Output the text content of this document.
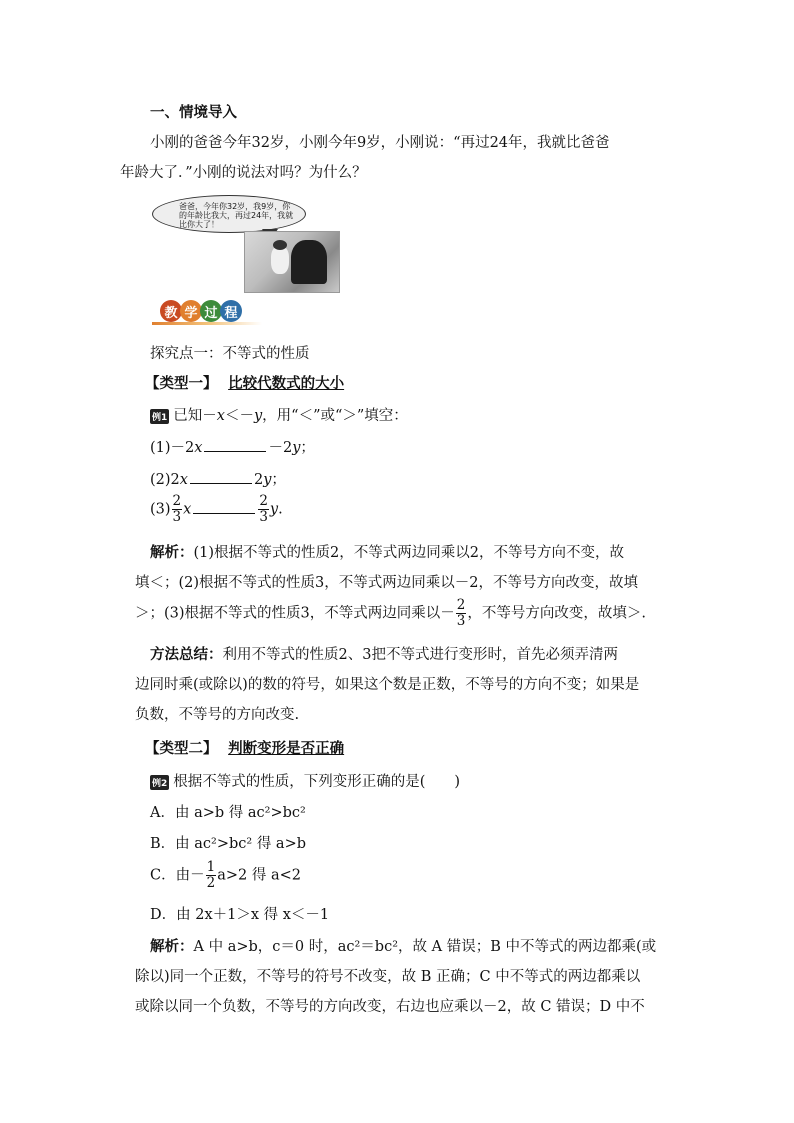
一、情境导入
小刚的爸爸今年32岁，小刚今年9岁，小刚说：“再过24年，我就比爸爸
年龄大了．”小刚的说法对吗？为什么？
爸爸，今年你32岁，我9岁，你的年龄比我大，再过24年，我就比你大了！
教 学 过 程
探究点一：不等式的性质
【类型一】 比较代数式的大小
例1 已知－x＜－y，用“＜”或“＞”填空：
(1)－2x	－2y；
(2)2x	2y；
$(3) \frac{2}{3}$ x	$\frac{2}{3} y$.
解析：(1)根据不等式的性质2，不等式两边同乘以2，不等号方向不变，故
填＜；(2)根据不等式的性质3，不等式两边同乘以－2，不等号方向改变，故填
＞；(3)根据不等式的性质3，不等式两边同乘以－ $\frac{2}{3}$ ，不等号方向改变，故填＞.
方法总结：利用不等式的性质2、3把不等式进行变形时，首先必须弄清两
边同时乘(或除以)的数的符号，如果这个数是正数，不等号的方向不变；如果是
负数，不等号的方向改变.
【类型二】 判断变形是否正确
例2 根据不等式的性质，下列变形正确的是(　　)
A．由 a>b 得 ac²>bc²
B．由 ac²>bc² 得 a>b
C．由－ $\frac{1}{2} a>2$ 得 a<2
D．由 2x＋1＞x 得 x＜－1
解析：A 中 a>b，c＝0 时，ac²＝bc²，故 A 错误；B 中不等式的两边都乘(或
除以)同一个正数，不等号的符号不改变，故 B 正确；C 中不等式的两边都乘以
或除以同一个负数，不等号的方向改变，右边也应乘以－2，故 C 错误；D 中不
